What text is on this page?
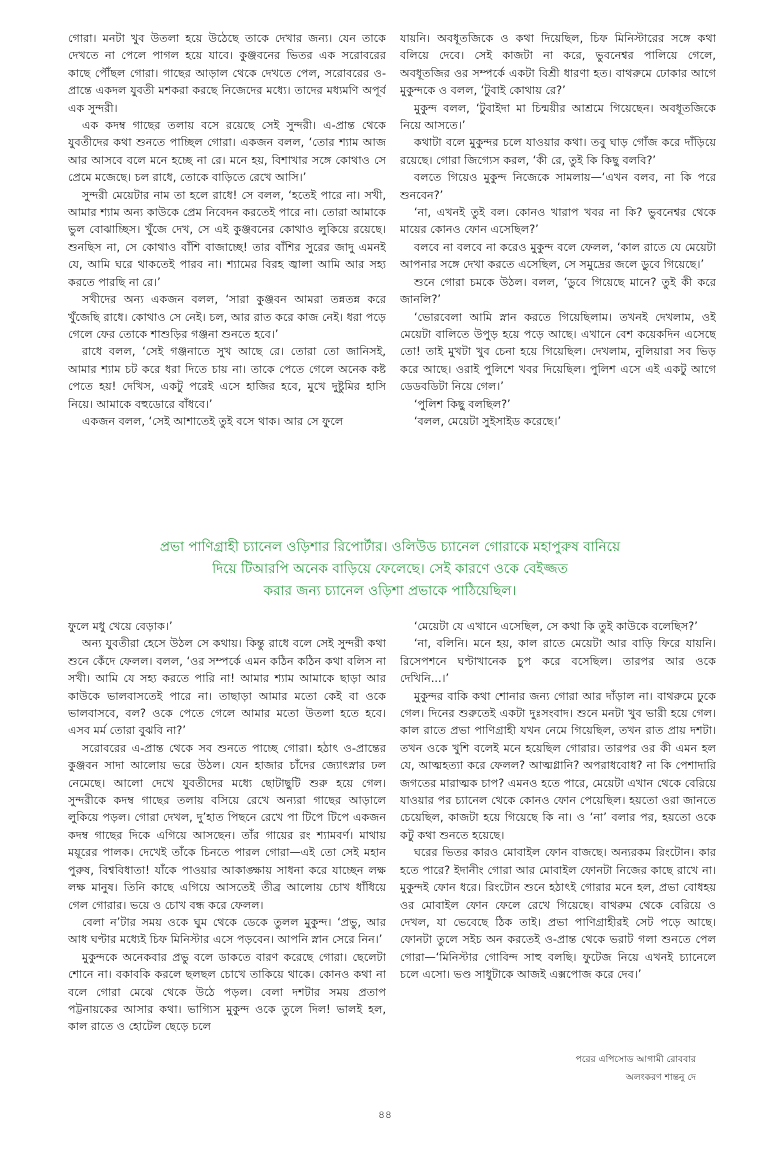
গোরা। মনটা খুব উতলা হয়ে উঠেছে তাকে দেখার জন্য। যেন তাকে দেখতে না পেলে পাগল হয়ে যাবে। কুঞ্জবনের ভিতর এক সরোবরের কাছে পৌঁছল গোরা। গাছের আড়াল থেকে দেখতে পেল, সরোবরের ও-প্রান্তে একদল যুবতী মশকরা করছে নিজেদের মধ্যে। তাদের মধ্যমণি অপূর্ব এক সুন্দরী।

এক কদম্ব গাছের তলায় বসে রয়েছে সেই সুন্দরী। এ-প্রান্ত থেকে যুবতীদের কথা শুনতে পাচ্ছিল গোরা। একজন বলল, ‘তোর শ্যাম আজ আর আসবে বলে মনে হচ্ছে না রে। মনে হয়, বিশাখার সঙ্গে কোথাও সে প্রেমে মজেছে। চল রাধে, তোকে বাড়িতে রেখে আসি।’

সুন্দরী মেয়েটার নাম তা হলে রাধে! সে বলল, ‘হতেই পারে না। সখী, আমার শ্যাম অন্য কাউকে প্রেম নিবেদন করতেই পারে না। তোরা আমাকে ভুল বোঝাচ্ছিস। খুঁজে দেখ, সে এই কুঞ্জবনের কোথাও লুকিয়ে রয়েছে। শুনছিস না, সে কোথাও বাঁশি বাজাচ্ছে! তার বাঁশির সুরের জাদু এমনই যে, আমি ঘরে থাকতেই পারব না। শ্যামের বিরহ জ্বালা আমি আর সহ্য করতে পারছি না রে।’

সখীদের অন্য একজন বলল, ‘সারা কুঞ্জবন আমরা তন্নতন্ন করে খুঁজেছি রাধে। কোথাও সে নেই। চল, আর রাত করে কাজ নেই। ধরা পড়ে গেলে ফের তোকে শাশুড়ির গঞ্জনা শুনতে হবে।’

রাধে বলল, ‘সেই গঞ্জনাতে সুখ আছে রে। তোরা তো জানিসই, আমার শ্যাম চট করে ধরা দিতে চায় না। তাকে পেতে গেলে অনেক কষ্ট পেতে হয়! দেখিস, একটু পরেই এসে হাজির হবে, মুখে দুষ্টুমির হাসি নিয়ে। আমাকে বহুডোরে বাঁধবে।’

একজন বলল, ‘সেই আশাতেই তুই বসে থাক। আর সে ফুলে

যায়নি। অবধূতজিকে ও কথা দিয়েছিল, চিফ মিনিস্টারের সঙ্গে কথা বলিয়ে দেবে। সেই কাজটা না করে, ভুবনেশ্বর পালিয়ে গেলে, অবধূতজির ওর সম্পর্কে একটা বিশ্রী ধারণা হত। বাথরুমে ঢোকার আগে মুকুন্দকে ও বলল, ‘টুবাই কোথায় রে?’

মুকুন্দ বলল, ‘টুবাইদা মা চিন্ময়ীর আশ্রমে গিয়েছেন। অবধূতজিকে নিয়ে আসতে।’

কথাটা বলে মুকুন্দর চলে যাওয়ার কথা। তবু ঘাড় গোঁজ করে দাঁড়িয়ে রয়েছে। গোরা জিগ্যেস করল, ‘কী রে, তুই কি কিছু বলবি?’

বলতে গিয়েও মুকুন্দ নিজেকে সামলায়—‘এখন বলব, না কি পরে শুনবেন?’

‘না, এখনই তুই বল। কোনও খারাপ খবর না কি? ভুবনেশ্বর থেকে মায়ের কোনও ফোন এসেছিল?’

বলবে না বলবে না করেও মুকুন্দ বলে ফেলল, ‘কাল রাতে যে মেয়েটা আপনার সঙ্গে দেখা করতে এসেছিল, সে সমুদ্রের জলে ডুবে গিয়েছে।’

শুনে গোরা চমকে উঠল। বলল, ‘ডুবে গিয়েছে মানে? তুই কী করে জানলি?’

‘ভোরবেলা আমি স্নান করতে গিয়েছিলাম। তখনই দেখলাম, ওই মেয়েটা বালিতে উপুড় হয়ে পড়ে আছে। এখানে বেশ কয়েকদিন এসেছে তো! তাই মুখটা খুব চেনা হয়ে গিয়েছিল। দেখলাম, নুলিয়ারা সব ভিড় করে আছে। ওরাই পুলিশে খবর দিয়েছিল। পুলিশ এসে এই একটু আগে ডেডবডিটা নিয়ে গেল।’

‘পুলিশ কিছু বলছিল?’

‘বলল, মেয়েটা সুইসাইড করেছে।’

প্রভা পাণিগ্রাহী চ্যানেল ওড়িশার রিপোর্টার। ওলিউড চ্যানেল গোরাকে মহাপুরুষ বানিয়ে
দিয়ে টিআরপি অনেক বাড়িয়ে ফেলেছে। সেই কারণে ওকে বেইজ্জত
করার জন্য চ্যানেল ওড়িশা প্রভাকে পাঠিয়েছিল।

ফুলে মধু খেয়ে বেড়াক।’

অন্য যুবতীরা হেসে উঠল সে কথায়। কিন্তু রাধে বলে সেই সুন্দরী কথা শুনে কেঁদে ফেলল। বলল, ‘ওর সম্পর্কে এমন কঠিন কঠিন কথা বলিস না সখী। আমি যে সহ্য করতে পারি না! আমার শ্যাম আমাকে ছাড়া আর কাউকে ভালবাসতেই পারে না। তাছাড়া আমার মতো কেই বা ওকে ভালবাসবে, বল? ওকে পেতে গেলে আমার মতো উতলা হতে হবে। এসব মর্ম তোরা বুঝবি না?’

সরোবরের এ-প্রান্ত থেকে সব শুনতে পাচ্ছে গোরা। হঠাৎ ও-প্রান্তের কুঞ্জবন সাদা আলোয় ভরে উঠল। যেন হাজার চাঁদের জ্যোৎস্নার ঢল নেমেছে। আলো দেখে যুবতীদের মধ্যে ছোটাছুটি শুরু হয়ে গেল। সুন্দরীকে কদম্ব গাছের তলায় বসিয়ে রেখে অন্যরা গাছের আড়ালে লুকিয়ে পড়ল। গোরা দেখল, দু’হাত পিছনে রেখে পা টিপে টিপে একজন কদম্ব গাছের দিকে এগিয়ে আসছেন। তাঁর গায়ের রং শ্যামবর্ণ। মাথায় ময়ূরের পালক। দেখেই তাঁকে চিনতে পারল গোরা—এই তো সেই মহান পুরুষ, বিশ্ববিধাতা! যাঁকে পাওয়ার আকাঙ্ক্ষায় সাধনা করে যাচ্ছেন লক্ষ লক্ষ মানুষ। তিনি কাছে এগিয়ে আসতেই তীব্র আলোয় চোখ ধাঁধিয়ে গেল গোরার। ভয়ে ও চোখ বন্ধ করে ফেলল।

বেলা ন’টার সময় ওকে ঘুম থেকে ডেকে তুলল মুকুন্দ। ‘প্রভু, আর আধ ঘণ্টার মধ্যেই চিফ মিনিস্টার এসে পড়বেন। আপনি স্নান সেরে নিন।’

মুকুন্দকে অনেকবার প্রভু বলে ডাকতে বারণ করেছে গোরা। ছেলেটা শোনে না। বকাবকি করলে ছলছল চোখে তাকিয়ে থাকে। কোনও কথা না বলে গোরা মেঝে থেকে উঠে পড়ল। বেলা দশটার সময় প্রতাপ পট্টনায়কের আসার কথা। ভাগ্যিস মুকুন্দ ওকে তুলে দিল! ভালই হল, কাল রাতে ও হোটেল ছেড়ে চলে

‘মেয়েটা যে এখানে এসেছিল, সে কথা কি তুই কাউকে বলেছিস?’

‘না, বলিনি। মনে হয়, কাল রাতে মেয়েটা আর বাড়ি ফিরে যায়নি। রিসেপশনে ঘণ্টাখানেক চুপ করে বসেছিল। তারপর আর ওকে দেখিনি...।’

মুকুন্দর বাকি কথা শোনার জন্য গোরা আর দাঁড়াল না। বাথরুমে ঢুকে গেল। দিনের শুরুতেই একটা দুঃসংবাদ। শুনে মনটা খুব ভারী হয়ে গেল। কাল রাতে প্রভা পাণিগ্রাহী যখন নেমে গিয়েছিল, তখন রাত প্রায় দশটা। তখন ওকে খুশি বলেই মনে হয়েছিল গোরার। তারপর ওর কী এমন হল যে, আত্মহত্যা করে ফেলল? আত্মগ্লানি? অপরাধবোধ? না কি পেশাদারি জগতের মারাত্মক চাপ? এমনও হতে পারে, মেয়েটা এখান থেকে বেরিয়ে যাওয়ার পর চ্যানেল থেকে কোনও ফোন পেয়েছিল। হয়তো ওরা জানতে চেয়েছিল, কাজটা হয়ে গিয়েছে কি না। ও ‘না’ বলার পর, হয়তো ওকে কটু কথা শুনতে হয়েছে।

ঘরের ভিতর কারও মোবাইল ফোন বাজছে। অন্যরকম রিংটোন। কার হতে পারে? ইদানীং গোরা আর মোবাইল ফোনটা নিজের কাছে রাখে না। মুকুন্দই ফোন ধরে। রিংটোন শুনে হঠাৎই গোরার মনে হল, প্রভা বোধহয় ওর মোবাইল ফোন ফেলে রেখে গিয়েছে। বাথরুম থেকে বেরিয়ে ও দেখল, যা ভেবেছে ঠিক তাই। প্রভা পাণিগ্রাহীরই সেট পড়ে আছে। ফোনটা তুলে সইচ অন করতেই ও-প্রান্ত থেকে ভরাট গলা শুনতে পেল গোরা—‘মিনিস্টার গোবিন্দ সাহু বলছি। ফুটেজ নিয়ে এখনই চ্যানেলে চলে এসো। ভণ্ড সাধুটাকে আজই এক্সপোজ করে দেব।’

পরের এপিসোড আগামী রোববার
অলংকরণ শান্তনু দে
৪৪
